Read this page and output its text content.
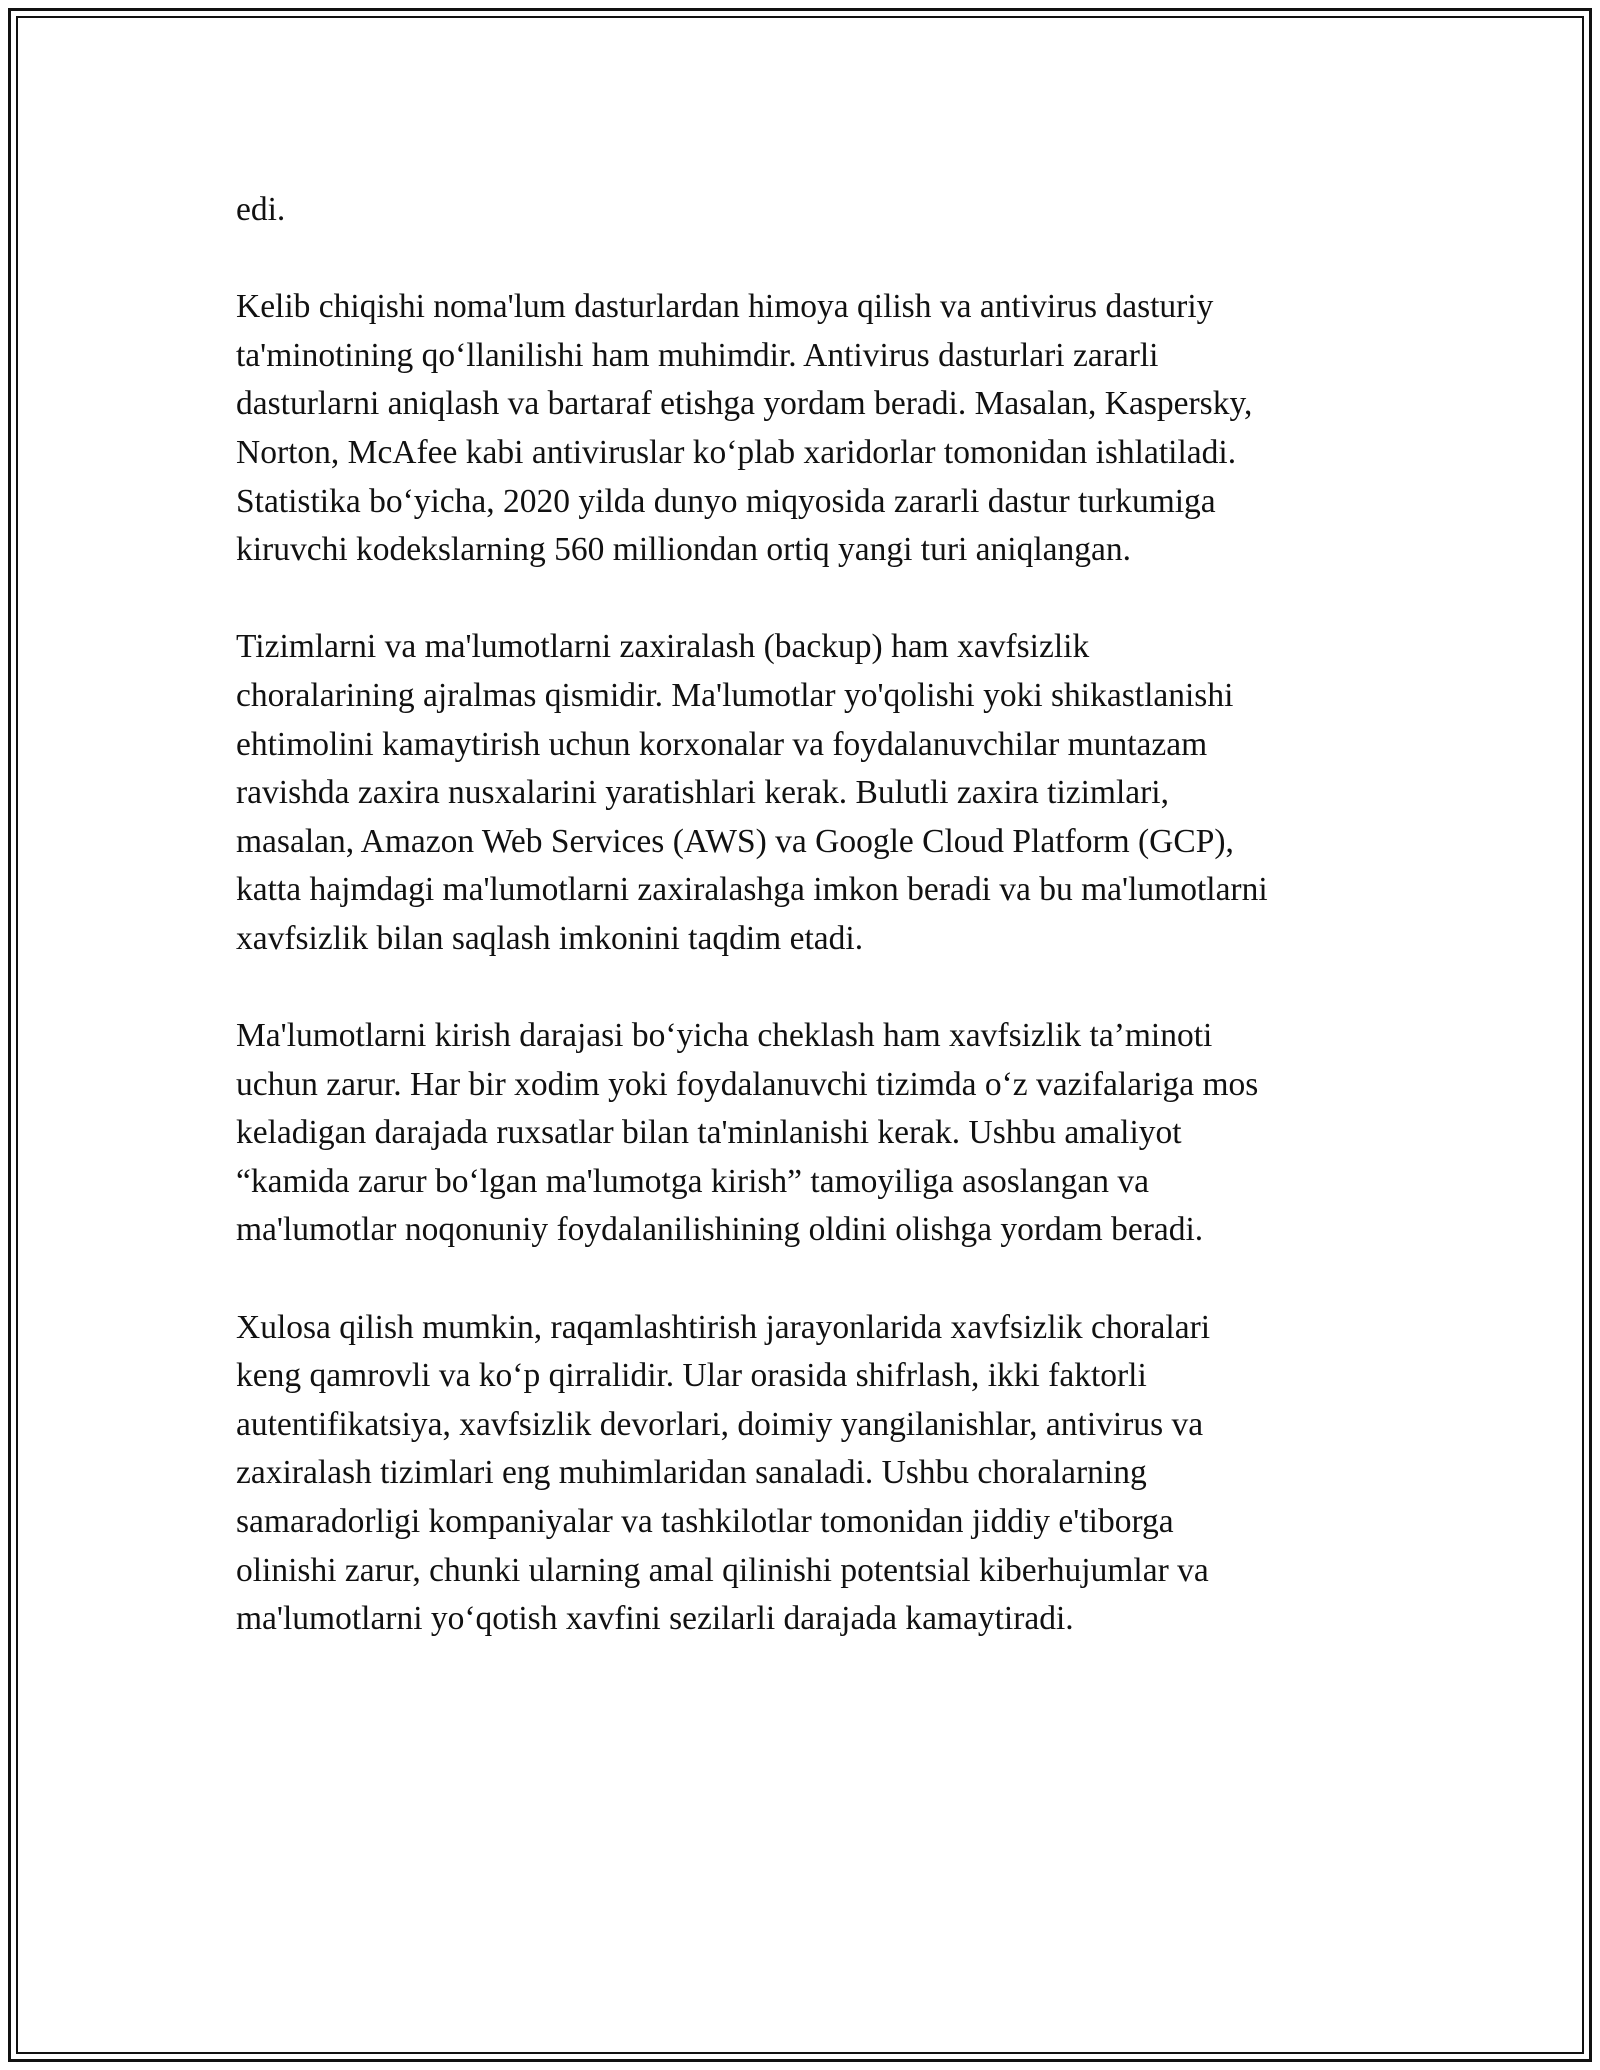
edi.

Kelib chiqishi noma'lum dasturlardan himoya qilish va antivirus dasturiy
ta'minotining qoʻllanilishi ham muhimdir. Antivirus dasturlari zararli
dasturlarni aniqlash va bartaraf etishga yordam beradi. Masalan, Kaspersky,
Norton, McAfee kabi antiviruslar koʻplab xaridorlar tomonidan ishlatiladi.
Statistika boʻyicha, 2020 yilda dunyo miqyosida zararli dastur turkumiga
kiruvchi kodekslarning 560 milliondan ortiq yangi turi aniqlangan.

Tizimlarni va ma'lumotlarni zaxiralash (backup) ham xavfsizlik
choralarining ajralmas qismidir. Ma'lumotlar yo'qolishi yoki shikastlanishi
ehtimolini kamaytirish uchun korxonalar va foydalanuvchilar muntazam
ravishda zaxira nusxalarini yaratishlari kerak. Bulutli zaxira tizimlari,
masalan, Amazon Web Services (AWS) va Google Cloud Platform (GCP),
katta hajmdagi ma'lumotlarni zaxiralashga imkon beradi va bu ma'lumotlarni
xavfsizlik bilan saqlash imkonini taqdim etadi.

Ma'lumotlarni kirish darajasi boʻyicha cheklash ham xavfsizlik ta’minoti
uchun zarur. Har bir xodim yoki foydalanuvchi tizimda oʻz vazifalariga mos
keladigan darajada ruxsatlar bilan ta'minlanishi kerak. Ushbu amaliyot
“kamida zarur boʻlgan ma'lumotga kirish” tamoyiliga asoslangan va
ma'lumotlar noqonuniy foydalanilishining oldini olishga yordam beradi.

Xulosa qilish mumkin, raqamlashtirish jarayonlarida xavfsizlik choralari
keng qamrovli va koʻp qirralidir. Ular orasida shifrlash, ikki faktorli
autentifikatsiya, xavfsizlik devorlari, doimiy yangilanishlar, antivirus va
zaxiralash tizimlari eng muhimlaridan sanaladi. Ushbu choralarning
samaradorligi kompaniyalar va tashkilotlar tomonidan jiddiy e'tiborga
olinishi zarur, chunki ularning amal qilinishi potentsial kiberhujumlar va
ma'lumotlarni yoʻqotish xavfini sezilarli darajada kamaytiradi.
